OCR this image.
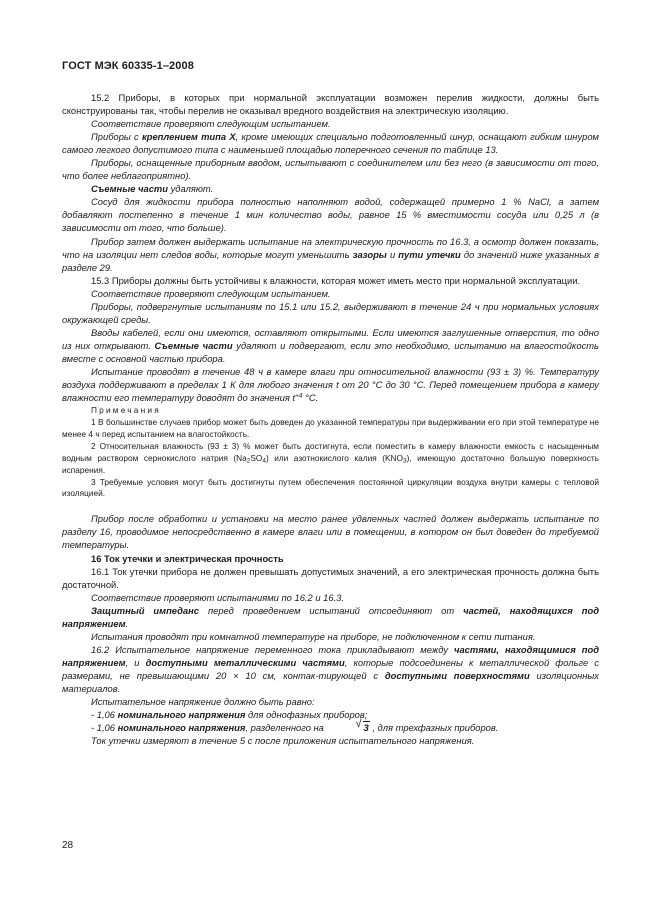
ГОСТ МЭК 60335-1–2008

15.2 Приборы, в которых при нормальной эксплуатации возможен перелив жидкости, должны быть сконструированы так, чтобы перелив не оказывал вредного воздействия на электрическую изоляцию.

Соответствие проверяют следующим испытанием.

Приборы с креплением типа X, кроме имеющих специально подготовленный шнур, оснащают гибким шнуром самого легкого допустимого типа с наименьшей площадью поперечного сечения по таблице 13.

Приборы, оснащенные приборным вводом, испытывают с соединителем или без него (в зависимости от того, что более неблагоприятно).

Съемные части удаляют.

Сосуд для жидкости прибора полностью наполняют водой, содержащей примерно 1 % NaCl, а затем добавляют постепенно в течение 1 мин количество воды, равное 15 % вместимости сосуда или 0,25 л (в зависимости от того, что больше).

Прибор затем должен выдержать испытание на электрическую прочность по 16.3, а осмотр должен показать, что на изоляции нет следов воды, которые могут уменьшить зазоры и пути утечки до значений ниже указанных в разделе 29.

15.3 Приборы должны быть устойчивы к влажности, которая может иметь место при нормальной эксплуатации.

Соответствие проверяют следующим испытанием.

Приборы, подвергнутые испытаниям по 15.1 или 15.2, выдерживают в течение 24 ч при нормальных условиях окружающей среды.

Вводы кабелей, если они имеются, оставляют открытыми. Если имеются заглушенные отверстия, то одно из них открывают. Съемные части удаляют и подвергают, если это необходимо, испытанию на влагостойкость вместе с основной частью прибора.

Испытание проводят в течение 48 ч в камере влаги при относительной влажности (93 ± 3) %. Температуру воздуха поддерживают в пределах 1 К для любого значения t от 20 °С до 30 °С. Перед помещением прибора в камеру влажности его температуру доводят до значения $t^{+4}$ °С.

Примечания

1 В большинстве случаев прибор может быть доведен до указанной температуры при выдерживании его при этой температуре не менее 4 ч перед испытанием на влагостойкость.

2 Относительная влажность (93 ± 3) % может быть достигнута, если поместить в камеру влажности емкость с насыщенным водным раствором сернокислого натрия $(Na_2SO_4)$ или азотнокислого калия $(KNO_3)$, имеющую достаточно большую поверхность испарения.

3 Требуемые условия могут быть достигнуты путем обеспечения постоянной циркуляции воздуха внутри камеры с тепловой изоляцией.

Прибор после обработки и установки на место ранее удвленных частей должен выдержать испытание по разделу 16, проводимое непосредственно в камере влаги или в помещении, в котором он был доведен до требуемой температуры.

16 Ток утечки и электрическая прочность

16.1 Ток утечки прибора не должен превышать допустимых значений, а его электрическая прочность должна быть достаточной.

Соответствие проверяют испытаниями по 16.2 и 16.3.

Защитный импеданс перед проведением испытаний отсоединяют от частей, находящихся под напряжением.

Испытания проводят при комнатной температуре на приборе, не подключенном к сети питания.

16.2 Испытательное напряжение переменного тока прикладывают между частями, находящимися под напряжением, и доступными металлическими частями, которые подсоединены к металлической фольге с размерами, не превышающими 20 × 10 см, контак-тирующей с доступными поверхностями изоляционных материалов.

Испытательное напряжение должно быть равно:

- 1,06 номинального напряжения для однофазных приборов;

- 1,06 номинального напряжения, разделенного на	√ 3 , для трехфазных приборов.

Ток утечки измеряют в течение 5 с после приложения испытательного напряжения.

28
